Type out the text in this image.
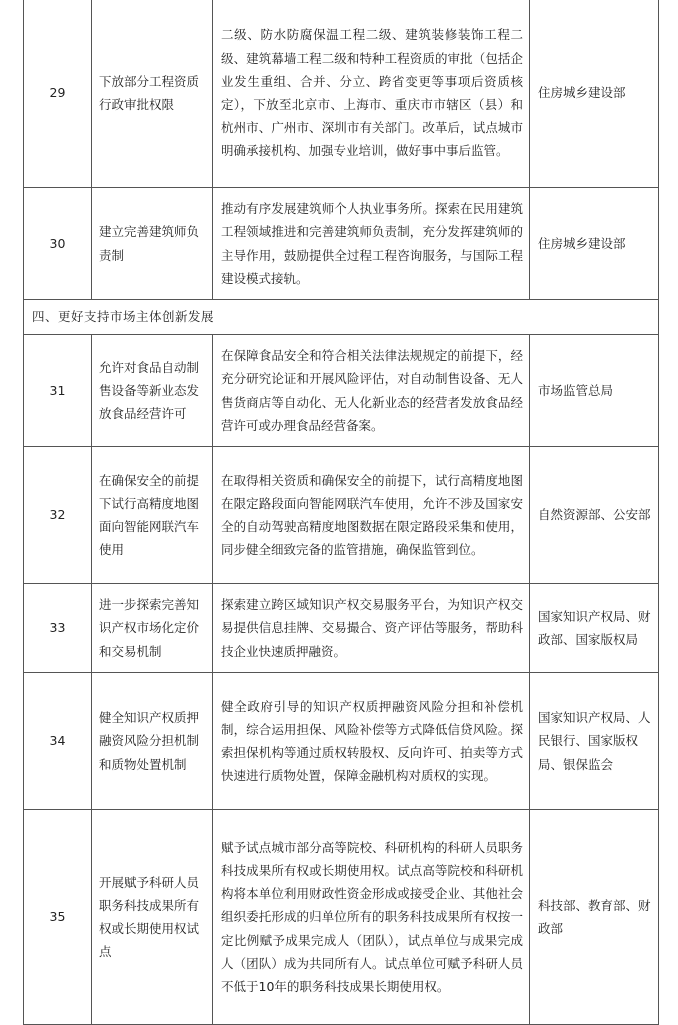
29	下放部分工程资质行政审批权限	二级、防水防腐保温工程二级、建筑装修装饰工程二级、建筑幕墙工程二级和特种工程资质的审批（包括企业发生重组、合并、分立、跨省变更等事项后资质核定），下放至北京市、上海市、重庆市市辖区（县）和杭州市、广州市、深圳市有关部门。改革后，试点城市明确承接机构、加强专业培训，做好事中事后监管。	住房城乡建设部
30	建立完善建筑师负责制	推动有序发展建筑师个人执业事务所。探索在民用建筑工程领域推进和完善建筑师负责制，充分发挥建筑师的主导作用，鼓励提供全过程工程咨询服务，与国际工程建设模式接轨。	住房城乡建设部
四、更好支持市场主体创新发展			
31	允许对食品自动制售设备等新业态发放食品经营许可	在保障食品安全和符合相关法律法规规定的前提下，经充分研究论证和开展风险评估，对自动制售设备、无人售货商店等自动化、无人化新业态的经营者发放食品经营许可或办理食品经营备案。	市场监管总局
32	在确保安全的前提下试行高精度地图面向智能网联汽车使用	在取得相关资质和确保安全的前提下，试行高精度地图在限定路段面向智能网联汽车使用，允许不涉及国家安全的自动驾驶高精度地图数据在限定路段采集和使用，同步健全细致完备的监管措施，确保监管到位。	自然资源部、公安部
33	进一步探索完善知识产权市场化定价和交易机制	探索建立跨区域知识产权交易服务平台，为知识产权交易提供信息挂牌、交易撮合、资产评估等服务，帮助科技企业快速质押融资。	国家知识产权局、财政部、国家版权局
34	健全知识产权质押融资风险分担机制和质物处置机制	健全政府引导的知识产权质押融资风险分担和补偿机制，综合运用担保、风险补偿等方式降低信贷风险。探索担保机构等通过质权转股权、反向许可、拍卖等方式快速进行质物处置，保障金融机构对质权的实现。	国家知识产权局、人民银行、国家版权局、银保监会
35	开展赋予科研人员职务科技成果所有权或长期使用权试点	赋予试点城市部分高等院校、科研机构的科研人员职务科技成果所有权或长期使用权。试点高等院校和科研机构将本单位利用财政性资金形成或接受企业、其他社会组织委托形成的归单位所有的职务科技成果所有权按一定比例赋予成果完成人（团队），试点单位与成果完成人（团队）成为共同所有人。试点单位可赋予科研人员不低于10年的职务科技成果长期使用权。	科技部、教育部、财政部
